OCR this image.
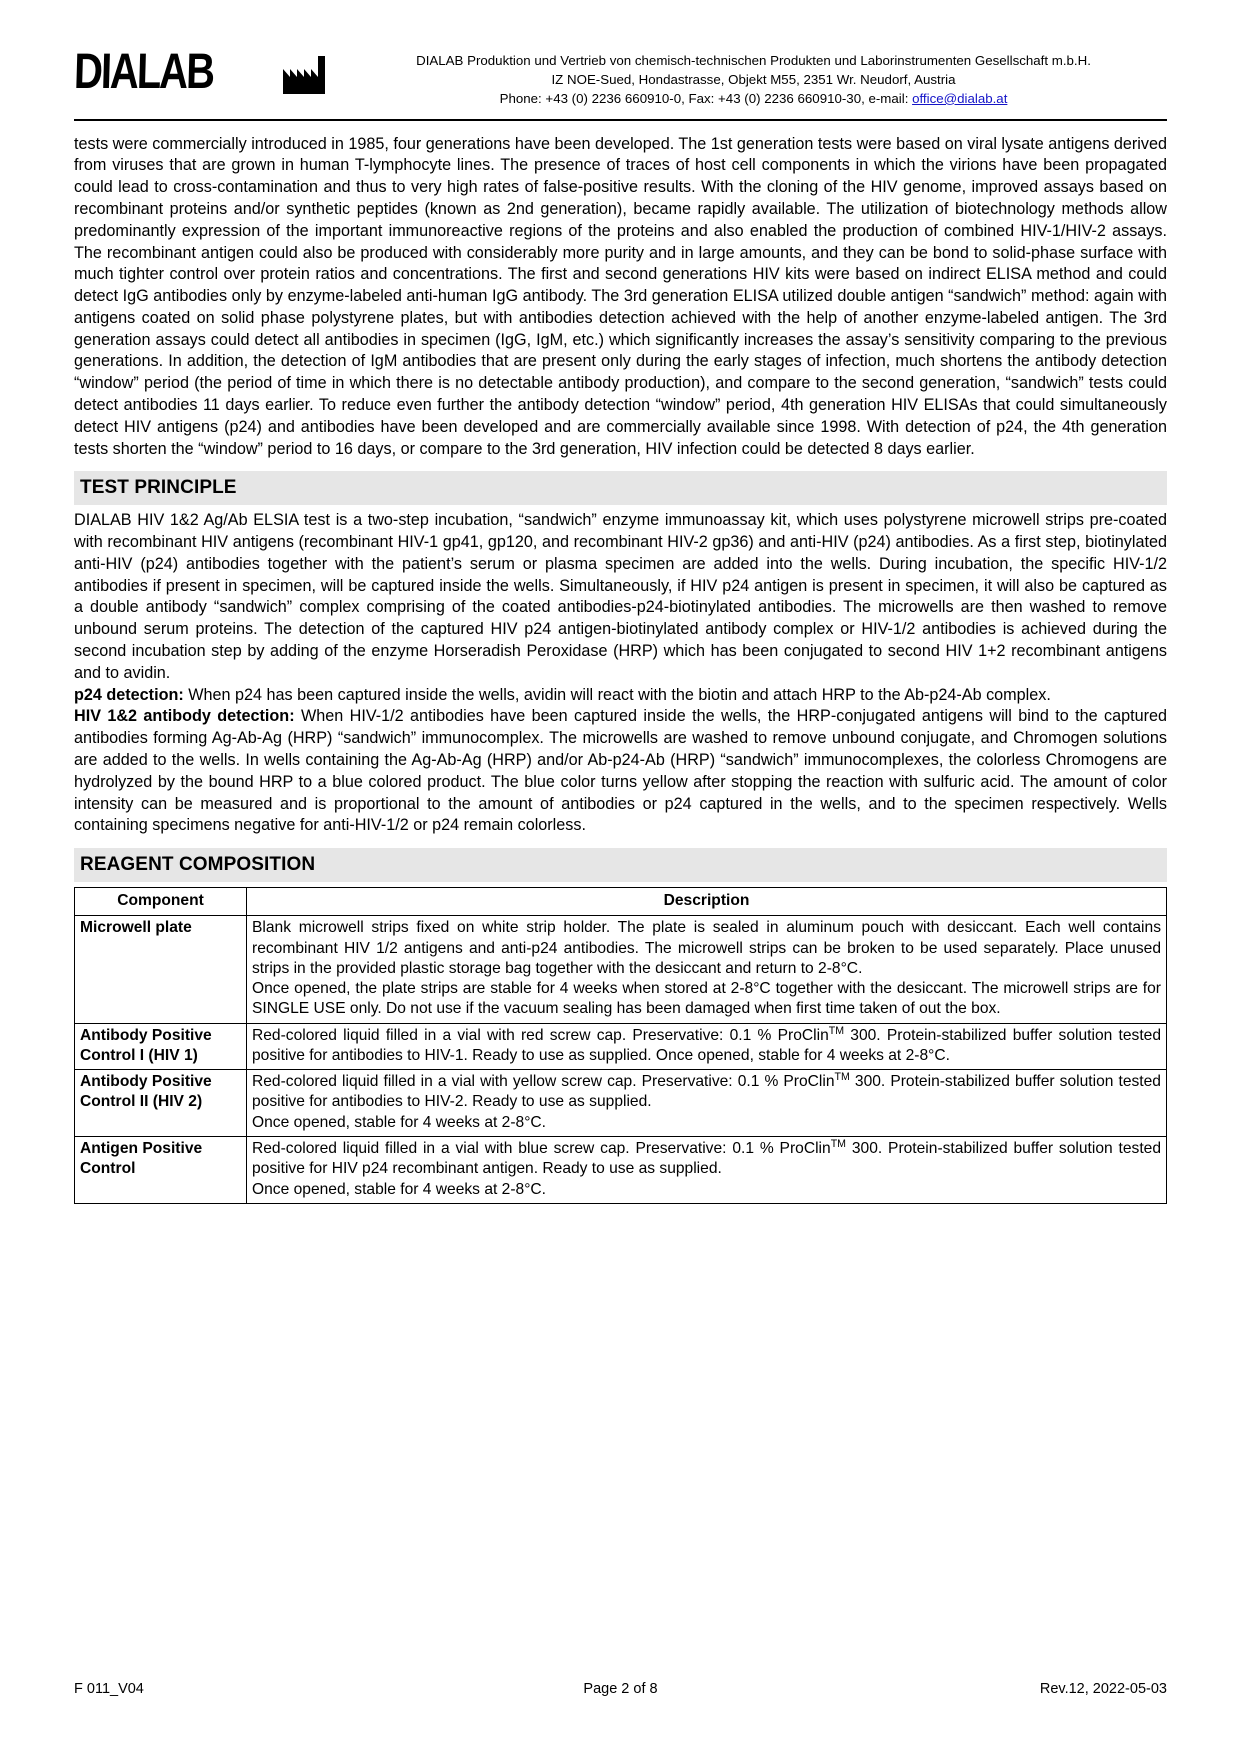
DIALAB	DIALAB Produktion und Vertrieb von chemisch-technischen Produkten und Laborinstrumenten Gesellschaft m.b.H.
IZ NOE-Sued, Hondastrasse, Objekt M55, 2351 Wr. Neudorf, Austria
Phone: +43 (0) 2236 660910-0, Fax: +43 (0) 2236 660910-30, e-mail: office@dialab.at

tests were commercially introduced in 1985, four generations have been developed. The 1st generation tests were based on viral lysate antigens derived from viruses that are grown in human T-lymphocyte lines. The presence of traces of host cell components in which the virions have been propagated could lead to cross-contamination and thus to very high rates of false-positive results. With the cloning of the HIV genome, improved assays based on recombinant proteins and/or synthetic peptides (known as 2nd generation), became rapidly available. The utilization of biotechnology methods allow predominantly expression of the important immunoreactive regions of the proteins and also enabled the production of combined HIV-1/HIV-2 assays. The recombinant antigen could also be produced with considerably more purity and in large amounts, and they can be bond to solid-phase surface with much tighter control over protein ratios and concentrations. The first and second generations HIV kits were based on indirect ELISA method and could detect IgG antibodies only by enzyme-labeled anti-human IgG antibody. The 3rd generation ELISA utilized double antigen “sandwich” method: again with antigens coated on solid phase polystyrene plates, but with antibodies detection achieved with the help of another enzyme-labeled antigen. The 3rd generation assays could detect all antibodies in specimen (IgG, IgM, etc.) which significantly increases the assay’s sensitivity comparing to the previous generations. In addition, the detection of IgM antibodies that are present only during the early stages of infection, much shortens the antibody detection “window” period (the period of time in which there is no detectable antibody production), and compare to the second generation, “sandwich” tests could detect antibodies 11 days earlier. To reduce even further the antibody detection “window” period, 4th generation HIV ELISAs that could simultaneously detect HIV antigens (p24) and antibodies have been developed and are commercially available since 1998. With detection of p24, the 4th generation tests shorten the “window” period to 16 days, or compare to the 3rd generation, HIV infection could be detected 8 days earlier.

TEST PRINCIPLE

DIALAB HIV 1&2 Ag/Ab ELSIA test is a two-step incubation, “sandwich” enzyme immunoassay kit, which uses polystyrene microwell strips pre-coated with recombinant HIV antigens (recombinant HIV-1 gp41, gp120, and recombinant HIV-2 gp36) and anti-HIV (p24) antibodies. As a first step, biotinylated anti-HIV (p24) antibodies together with the patient’s serum or plasma specimen are added into the wells. During incubation, the specific HIV-1/2 antibodies if present in specimen, will be captured inside the wells. Simultaneously, if HIV p24 antigen is present in specimen, it will also be captured as a double antibody “sandwich” complex comprising of the coated antibodies-p24-biotinylated antibodies. The microwells are then washed to remove unbound serum proteins. The detection of the captured HIV p24 antigen-biotinylated antibody complex or HIV-1/2 antibodies is achieved during the second incubation step by adding of the enzyme Horseradish Peroxidase (HRP) which has been conjugated to second HIV 1+2 recombinant antigens and to avidin.

p24 detection: When p24 has been captured inside the wells, avidin will react with the biotin and attach HRP to the Ab-p24-Ab complex.

HIV 1&2 antibody detection: When HIV-1/2 antibodies have been captured inside the wells, the HRP-conjugated antigens will bind to the captured antibodies forming Ag-Ab-Ag (HRP) “sandwich” immunocomplex. The microwells are washed to remove unbound conjugate, and Chromogen solutions are added to the wells. In wells containing the Ag-Ab-Ag (HRP) and/or Ab-p24-Ab (HRP) “sandwich” immunocomplexes, the colorless Chromogens are hydrolyzed by the bound HRP to a blue colored product. The blue color turns yellow after stopping the reaction with sulfuric acid. The amount of color intensity can be measured and is proportional to the amount of antibodies or p24 captured in the wells, and to the specimen respectively. Wells containing specimens negative for anti-HIV-1/2 or p24 remain colorless.

REAGENT COMPOSITION
Component	Description
Microwell plate	Blank microwell strips fixed on white strip holder. The plate is sealed in aluminum pouch with desiccant. Each well contains recombinant HIV 1/2 antigens and anti-p24 antibodies. The microwell strips can be broken to be used separately. Place unused strips in the provided plastic storage bag together with the desiccant and return to 2-8°C.

Once opened, the plate strips are stable for 4 weeks when stored at 2-8°C together with the desiccant. The microwell strips are for SINGLE USE only. Do not use if the vacuum sealing has been damaged when first time taken of out the box.

Antibody Positive Control I (HIV 1)	Red-colored liquid filled in a vial with red screw cap. Preservative: 0.1 % ProClin™ 300. Protein-stabilized buffer solution tested positive for antibodies to HIV-1. Ready to use as supplied. Once opened, stable for 4 weeks at 2-8°C.

Antibody Positive Control II (HIV 2)	Red-colored liquid filled in a vial with yellow screw cap. Preservative: 0.1 % ProClin™ 300. Protein-stabilized buffer solution tested positive for antibodies to HIV-2. Ready to use as supplied.

Once opened, stable for 4 weeks at 2-8°C.

Antigen Positive Control	Red-colored liquid filled in a vial with blue screw cap. Preservative: 0.1 % ProClin™ 300. Protein-stabilized buffer solution tested positive for HIV p24 recombinant antigen. Ready to use as supplied.

Once opened, stable for 4 weeks at 2-8°C.

F 011_V04	Page 2 of 8	Rev.12, 2022-05-03
